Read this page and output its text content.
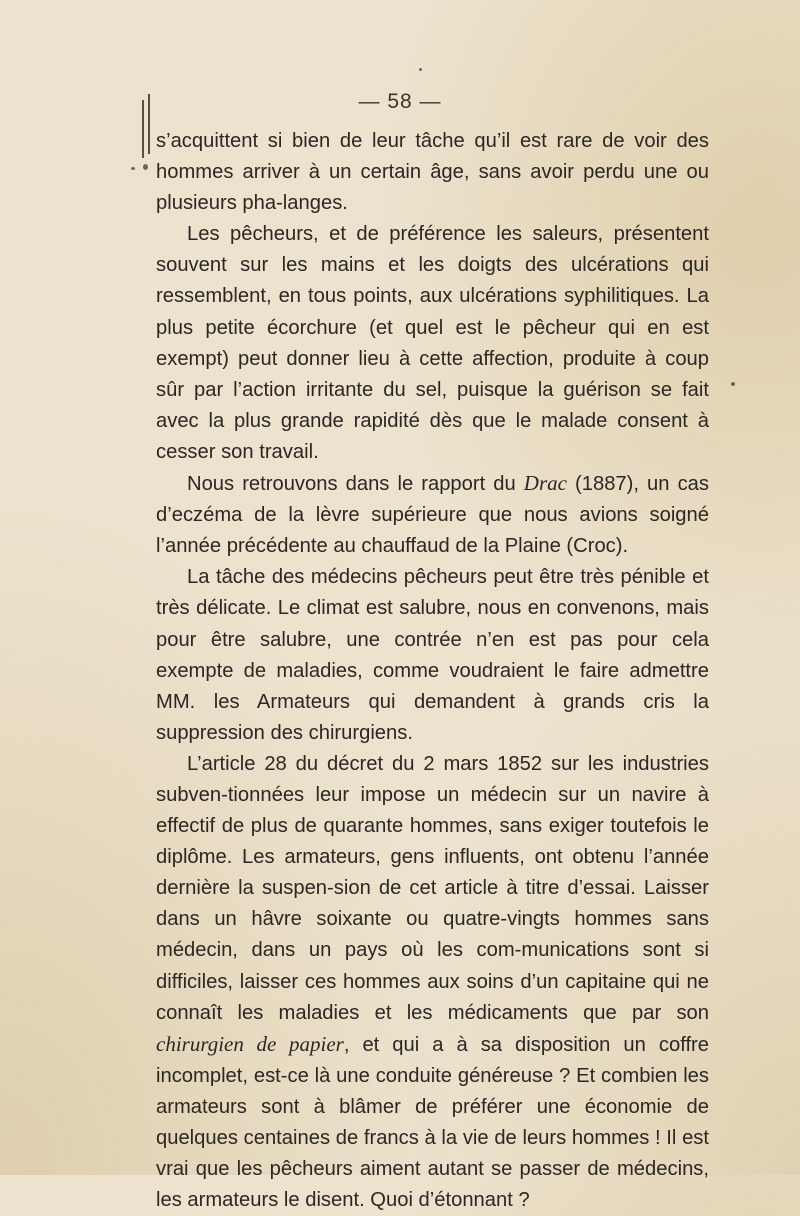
— 58 —

s’acquittent si bien de leur tâche qu’il est rare de voir des hommes arriver à un certain âge, sans avoir perdu une ou plusieurs pha-langes.

Les pêcheurs, et de préférence les saleurs, présentent souvent sur les mains et les doigts des ulcérations qui ressemblent, en tous points, aux ulcérations syphilitiques. La plus petite écorchure (et quel est le pêcheur qui en est exempt) peut donner lieu à cette affection, produite à coup sûr par l’action irritante du sel, puisque la guérison se fait avec la plus grande rapidité dès que le malade consent à cesser son travail.

Nous retrouvons dans le rapport du Drac (1887), un cas d’eczéma de la lèvre supérieure que nous avions soigné l’année précédente au chauffaud de la Plaine (Croc).

La tâche des médecins pêcheurs peut être très pénible et très délicate. Le climat est salubre, nous en convenons, mais pour être salubre, une contrée n’en est pas pour cela exempte de maladies, comme voudraient le faire admettre MM. les Armateurs qui demandent à grands cris la suppression des chirurgiens.

L’article 28 du décret du 2 mars 1852 sur les industries subven-tionnées leur impose un médecin sur un navire à effectif de plus de quarante hommes, sans exiger toutefois le diplôme. Les armateurs, gens influents, ont obtenu l’année dernière la suspen-sion de cet article à titre d’essai. Laisser dans un hâvre soixante ou quatre-vingts hommes sans médecin, dans un pays où les com-munications sont si difficiles, laisser ces hommes aux soins d’un capitaine qui ne connaît les maladies et les médicaments que par son chirurgien de papier, et qui a à sa disposition un coffre incomplet, est-ce là une conduite généreuse ? Et combien les armateurs sont à blâmer de préférer une économie de quelques centaines de francs à la vie de leurs hommes ! Il est vrai que les pêcheurs aiment autant se passer de médecins, les armateurs le disent. Quoi d’étonnant ?
